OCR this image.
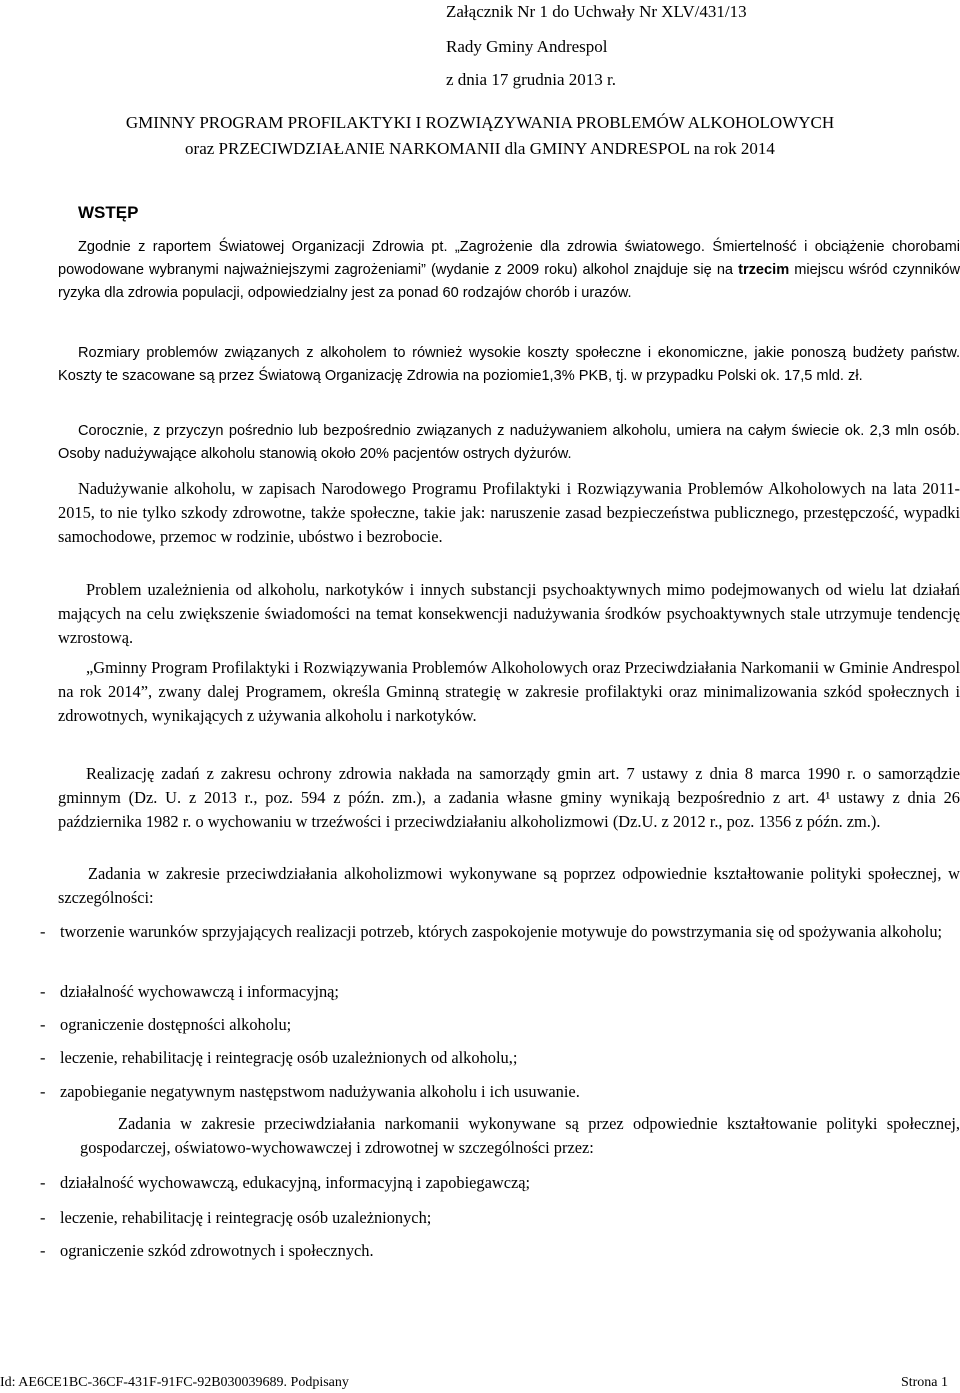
Załącznik Nr 1 do Uchwały Nr XLV/431/13
Rady Gminy Andrespol
z dnia 17 grudnia 2013 r.
GMINNY PROGRAM PROFILAKTYKI I ROZWIĄZYWANIA PROBLEMÓW ALKOHOLOWYCH
oraz PRZECIWDZIAŁANIE NARKOMANII dla GMINY ANDRESPOL na rok 2014
WSTĘP
Zgodnie z raportem Światowej Organizacji Zdrowia pt. „Zagrożenie dla zdrowia światowego. Śmiertelność i obciążenie chorobami powodowane wybranymi najważniejszymi zagrożeniami” (wydanie z 2009 roku) alkohol znajduje się na trzecim miejscu wśród czynników ryzyka dla zdrowia populacji, odpowiedzialny jest za ponad 60 rodzajów chorób i urazów.
Rozmiary problemów związanych z alkoholem to również wysokie koszty społeczne i ekonomiczne, jakie ponoszą budżety państw. Koszty te szacowane są przez Światową Organizację Zdrowia na poziomie1,3% PKB, tj. w przypadku Polski ok. 17,5 mld. zł.
Corocznie, z przyczyn pośrednio lub bezpośrednio związanych z nadużywaniem alkoholu, umiera na całym świecie ok. 2,3 mln osób. Osoby nadużywające alkoholu stanowią około 20% pacjentów ostrych dyżurów.
Nadużywanie alkoholu, w zapisach Narodowego Programu Profilaktyki i Rozwiązywania Problemów Alkoholowych na lata 2011-2015, to nie tylko szkody zdrowotne, także społeczne, takie jak: naruszenie zasad bezpieczeństwa publicznego, przestępczość, wypadki samochodowe, przemoc w rodzinie, ubóstwo i bezrobocie.
Problem uzależnienia od alkoholu, narkotyków i innych substancji psychoaktywnych mimo podejmowanych od wielu lat działań mających na celu zwiększenie świadomości na temat konsekwencji nadużywania środków psychoaktywnych stale utrzymuje tendencję wzrostową.
„Gminny Program Profilaktyki i Rozwiązywania Problemów Alkoholowych oraz Przeciwdziałania Narkomanii w Gminie Andrespol na rok 2014”, zwany dalej Programem, określa Gminną strategię w zakresie profilaktyki oraz minimalizowania szkód społecznych i zdrowotnych, wynikających z używania alkoholu i narkotyków.
Realizację zadań z zakresu ochrony zdrowia nakłada na samorządy gmin art. 7 ustawy z dnia 8 marca 1990 r. o samorządzie gminnym (Dz. U. z 2013 r., poz. 594 z późn. zm.), a zadania własne gminy wynikają bezpośrednio z art. 4¹ ustawy z dnia 26 października 1982 r. o wychowaniu w trzeźwości i przeciwdziałaniu alkoholizmowi (Dz.U. z 2012 r., poz. 1356 z późn. zm.).
Zadania w zakresie przeciwdziałania alkoholizmowi wykonywane są poprzez odpowiednie kształtowanie polityki społecznej, w szczególności:
- tworzenie warunków sprzyjających realizacji potrzeb, których zaspokojenie motywuje do powstrzymania się od spożywania alkoholu;
- działalność wychowawczą i informacyjną;
- ograniczenie dostępności alkoholu;
- leczenie, rehabilitację i reintegrację osób uzależnionych od alkoholu,;
- zapobieganie negatywnym następstwom nadużywania alkoholu i ich usuwanie.
Zadania w zakresie przeciwdziałania narkomanii wykonywane są przez odpowiednie kształtowanie polityki społecznej, gospodarczej, oświatowo-wychowawczej i zdrowotnej w szczególności przez:
- działalność wychowawczą, edukacyjną, informacyjną i zapobiegawczą;
- leczenie, rehabilitację i reintegrację osób uzależnionych;
- ograniczenie szkód zdrowotnych i społecznych.
Id: AE6CE1BC-36CF-431F-91FC-92B030039689. Podpisany	Strona 1
